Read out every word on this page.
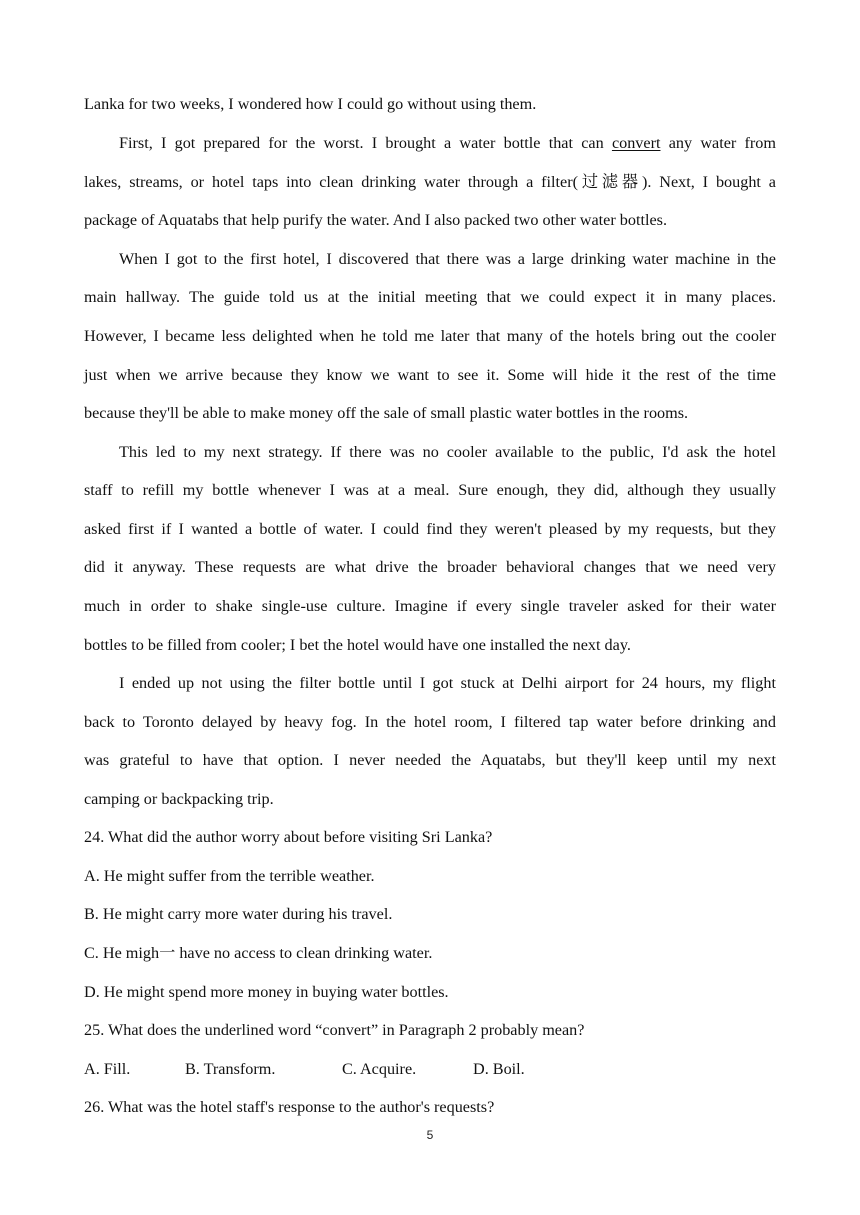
Lanka for two weeks, I wondered how I could go without using them.
First, I got prepared for the worst. I brought a water bottle that can convert any water from
lakes, streams, or hotel taps into clean drinking water through a filter(过滤器). Next, I bought a
package of Aquatabs that help purify the water. And I also packed two other water bottles.
When I got to the first hotel, I discovered that there was a large drinking water machine in the
main hallway. The guide told us at the initial meeting that we could expect it in many places.
However, I became less delighted when he told me later that many of the hotels bring out the cooler
just when we arrive because they know we want to see it. Some will hide it the rest of the time
because they'll be able to make money off the sale of small plastic water bottles in the rooms.
This led to my next strategy. If there was no cooler available to the public, I'd ask the hotel
staff to refill my bottle whenever I was at a meal. Sure enough, they did, although they usually
asked first if I wanted a bottle of water. I could find they weren't pleased by my requests, but they
did it anyway. These requests are what drive the broader behavioral changes that we need very
much in order to shake single-use culture. Imagine if every single traveler asked for their water
bottles to be filled from cooler; I bet the hotel would have one installed the next day.
I ended up not using the filter bottle until I got stuck at Delhi airport for 24 hours, my flight
back to Toronto delayed by heavy fog. In the hotel room, I filtered tap water before drinking and
was grateful to have that option. I never needed the Aquatabs, but they'll keep until my next
camping or backpacking trip.
24. What did the author worry about before visiting Sri Lanka?
A. He might suffer from the terrible weather.
B. He might carry more water during his travel.
C. He migh一 have no access to clean drinking water.
D. He might spend more money in buying water bottles.
25. What does the underlined word “convert” in Paragraph 2 probably mean?
A. Fill.	B. Transform.	C. Acquire.	D. Boil.
26. What was the hotel staff's response to the author's requests?
5
